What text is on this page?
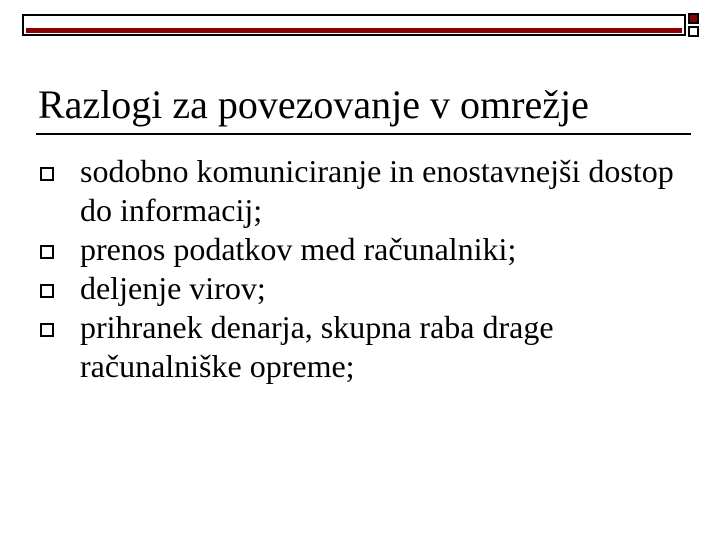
Razlogi za povezovanje v omrežje
sodobno komuniciranje in enostavnejši dostop do informacij;
prenos podatkov med računalniki;
deljenje virov;
prihranek denarja, skupna raba drage računalniške opreme;
